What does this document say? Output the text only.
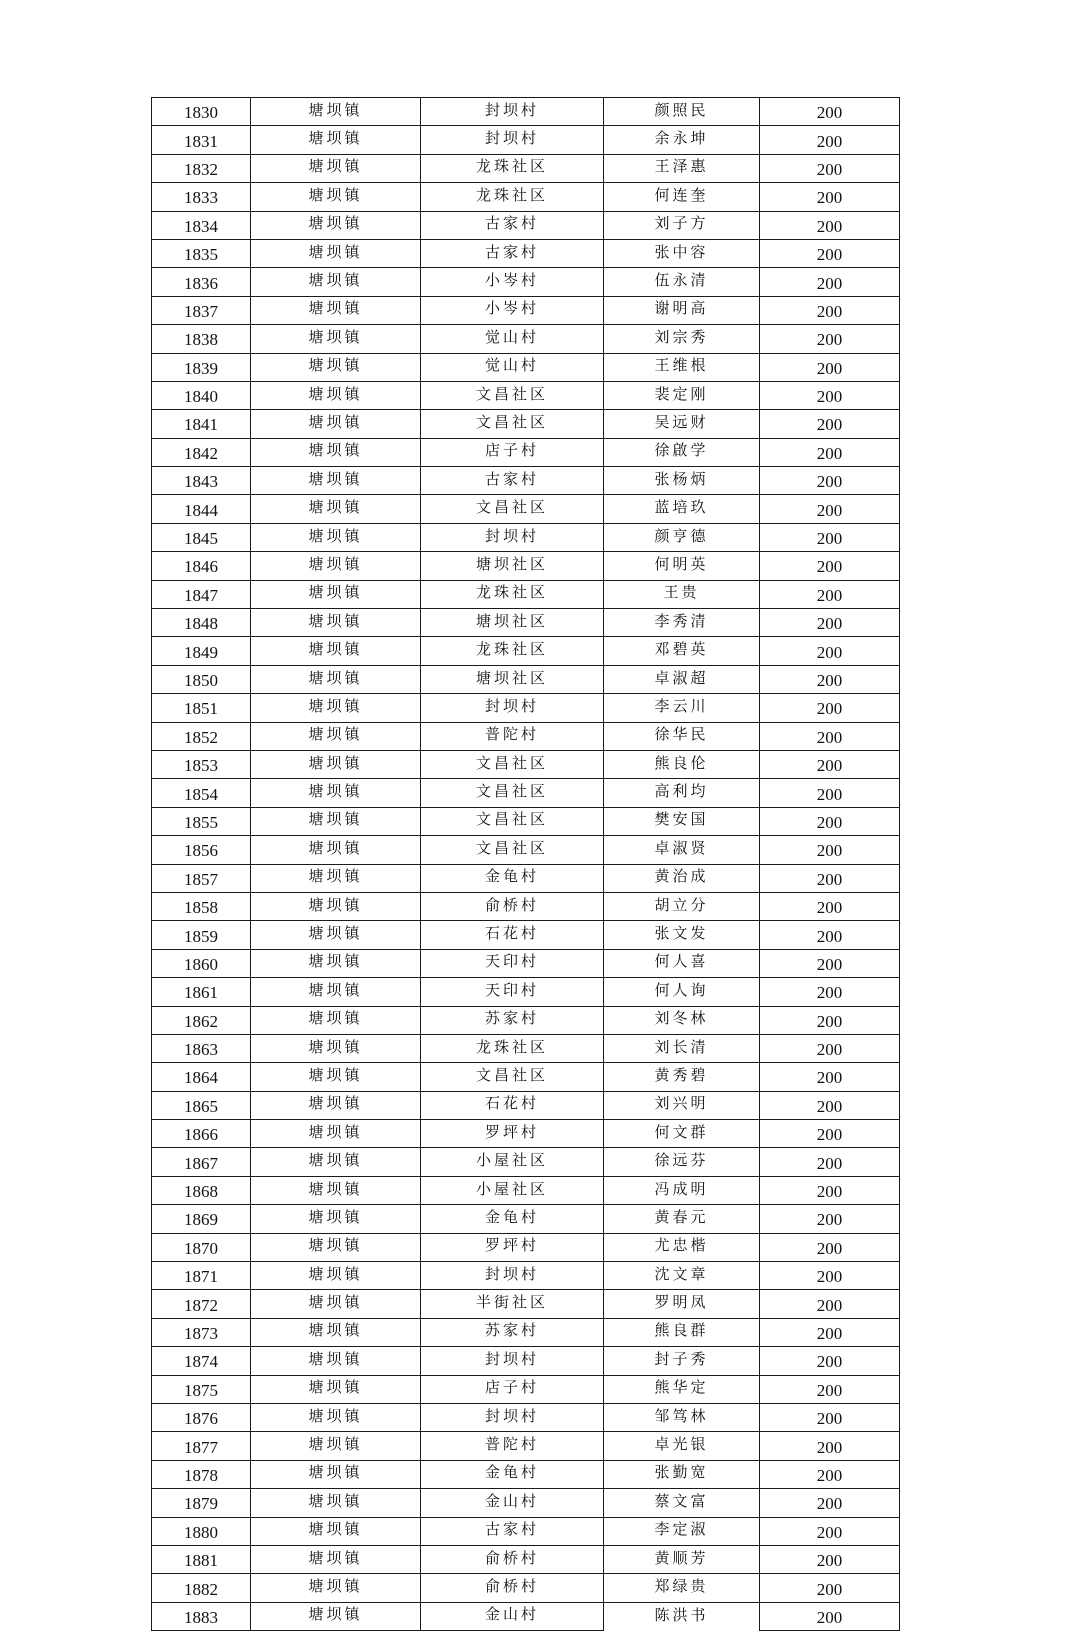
1830	塘坝镇	封坝村	颜照民	200
1831	塘坝镇	封坝村	余永坤	200
1832	塘坝镇	龙珠社区	王泽惠	200
1833	塘坝镇	龙珠社区	何连奎	200
1834	塘坝镇	古家村	刘子方	200
1835	塘坝镇	古家村	张中容	200
1836	塘坝镇	小岑村	伍永清	200
1837	塘坝镇	小岑村	谢明高	200
1838	塘坝镇	觉山村	刘宗秀	200
1839	塘坝镇	觉山村	王维根	200
1840	塘坝镇	文昌社区	裴定刚	200
1841	塘坝镇	文昌社区	吴远财	200
1842	塘坝镇	店子村	徐啟学	200
1843	塘坝镇	古家村	张杨炳	200
1844	塘坝镇	文昌社区	蓝培玖	200
1845	塘坝镇	封坝村	颜亨德	200
1846	塘坝镇	塘坝社区	何明英	200
1847	塘坝镇	龙珠社区	王贵	200
1848	塘坝镇	塘坝社区	李秀清	200
1849	塘坝镇	龙珠社区	邓碧英	200
1850	塘坝镇	塘坝社区	卓淑超	200
1851	塘坝镇	封坝村	李云川	200
1852	塘坝镇	普陀村	徐华民	200
1853	塘坝镇	文昌社区	熊良伦	200
1854	塘坝镇	文昌社区	高利均	200
1855	塘坝镇	文昌社区	樊安国	200
1856	塘坝镇	文昌社区	卓淑贤	200
1857	塘坝镇	金龟村	黄治成	200
1858	塘坝镇	俞桥村	胡立分	200
1859	塘坝镇	石花村	张文发	200
1860	塘坝镇	天印村	何人喜	200
1861	塘坝镇	天印村	何人询	200
1862	塘坝镇	苏家村	刘冬林	200
1863	塘坝镇	龙珠社区	刘长清	200
1864	塘坝镇	文昌社区	黄秀碧	200
1865	塘坝镇	石花村	刘兴明	200
1866	塘坝镇	罗坪村	何文群	200
1867	塘坝镇	小屋社区	徐远芬	200
1868	塘坝镇	小屋社区	冯成明	200
1869	塘坝镇	金龟村	黄春元	200
1870	塘坝镇	罗坪村	尤忠楷	200
1871	塘坝镇	封坝村	沈文章	200
1872	塘坝镇	半街社区	罗明凤	200
1873	塘坝镇	苏家村	熊良群	200
1874	塘坝镇	封坝村	封子秀	200
1875	塘坝镇	店子村	熊华定	200
1876	塘坝镇	封坝村	邹笃林	200
1877	塘坝镇	普陀村	卓光银	200
1878	塘坝镇	金龟村	张勤宽	200
1879	塘坝镇	金山村	蔡文富	200
1880	塘坝镇	古家村	李定淑	200
1881	塘坝镇	俞桥村	黄顺芳	200
1882	塘坝镇	俞桥村	郑绿贵	200
1883	塘坝镇	金山村	陈洪书	200
